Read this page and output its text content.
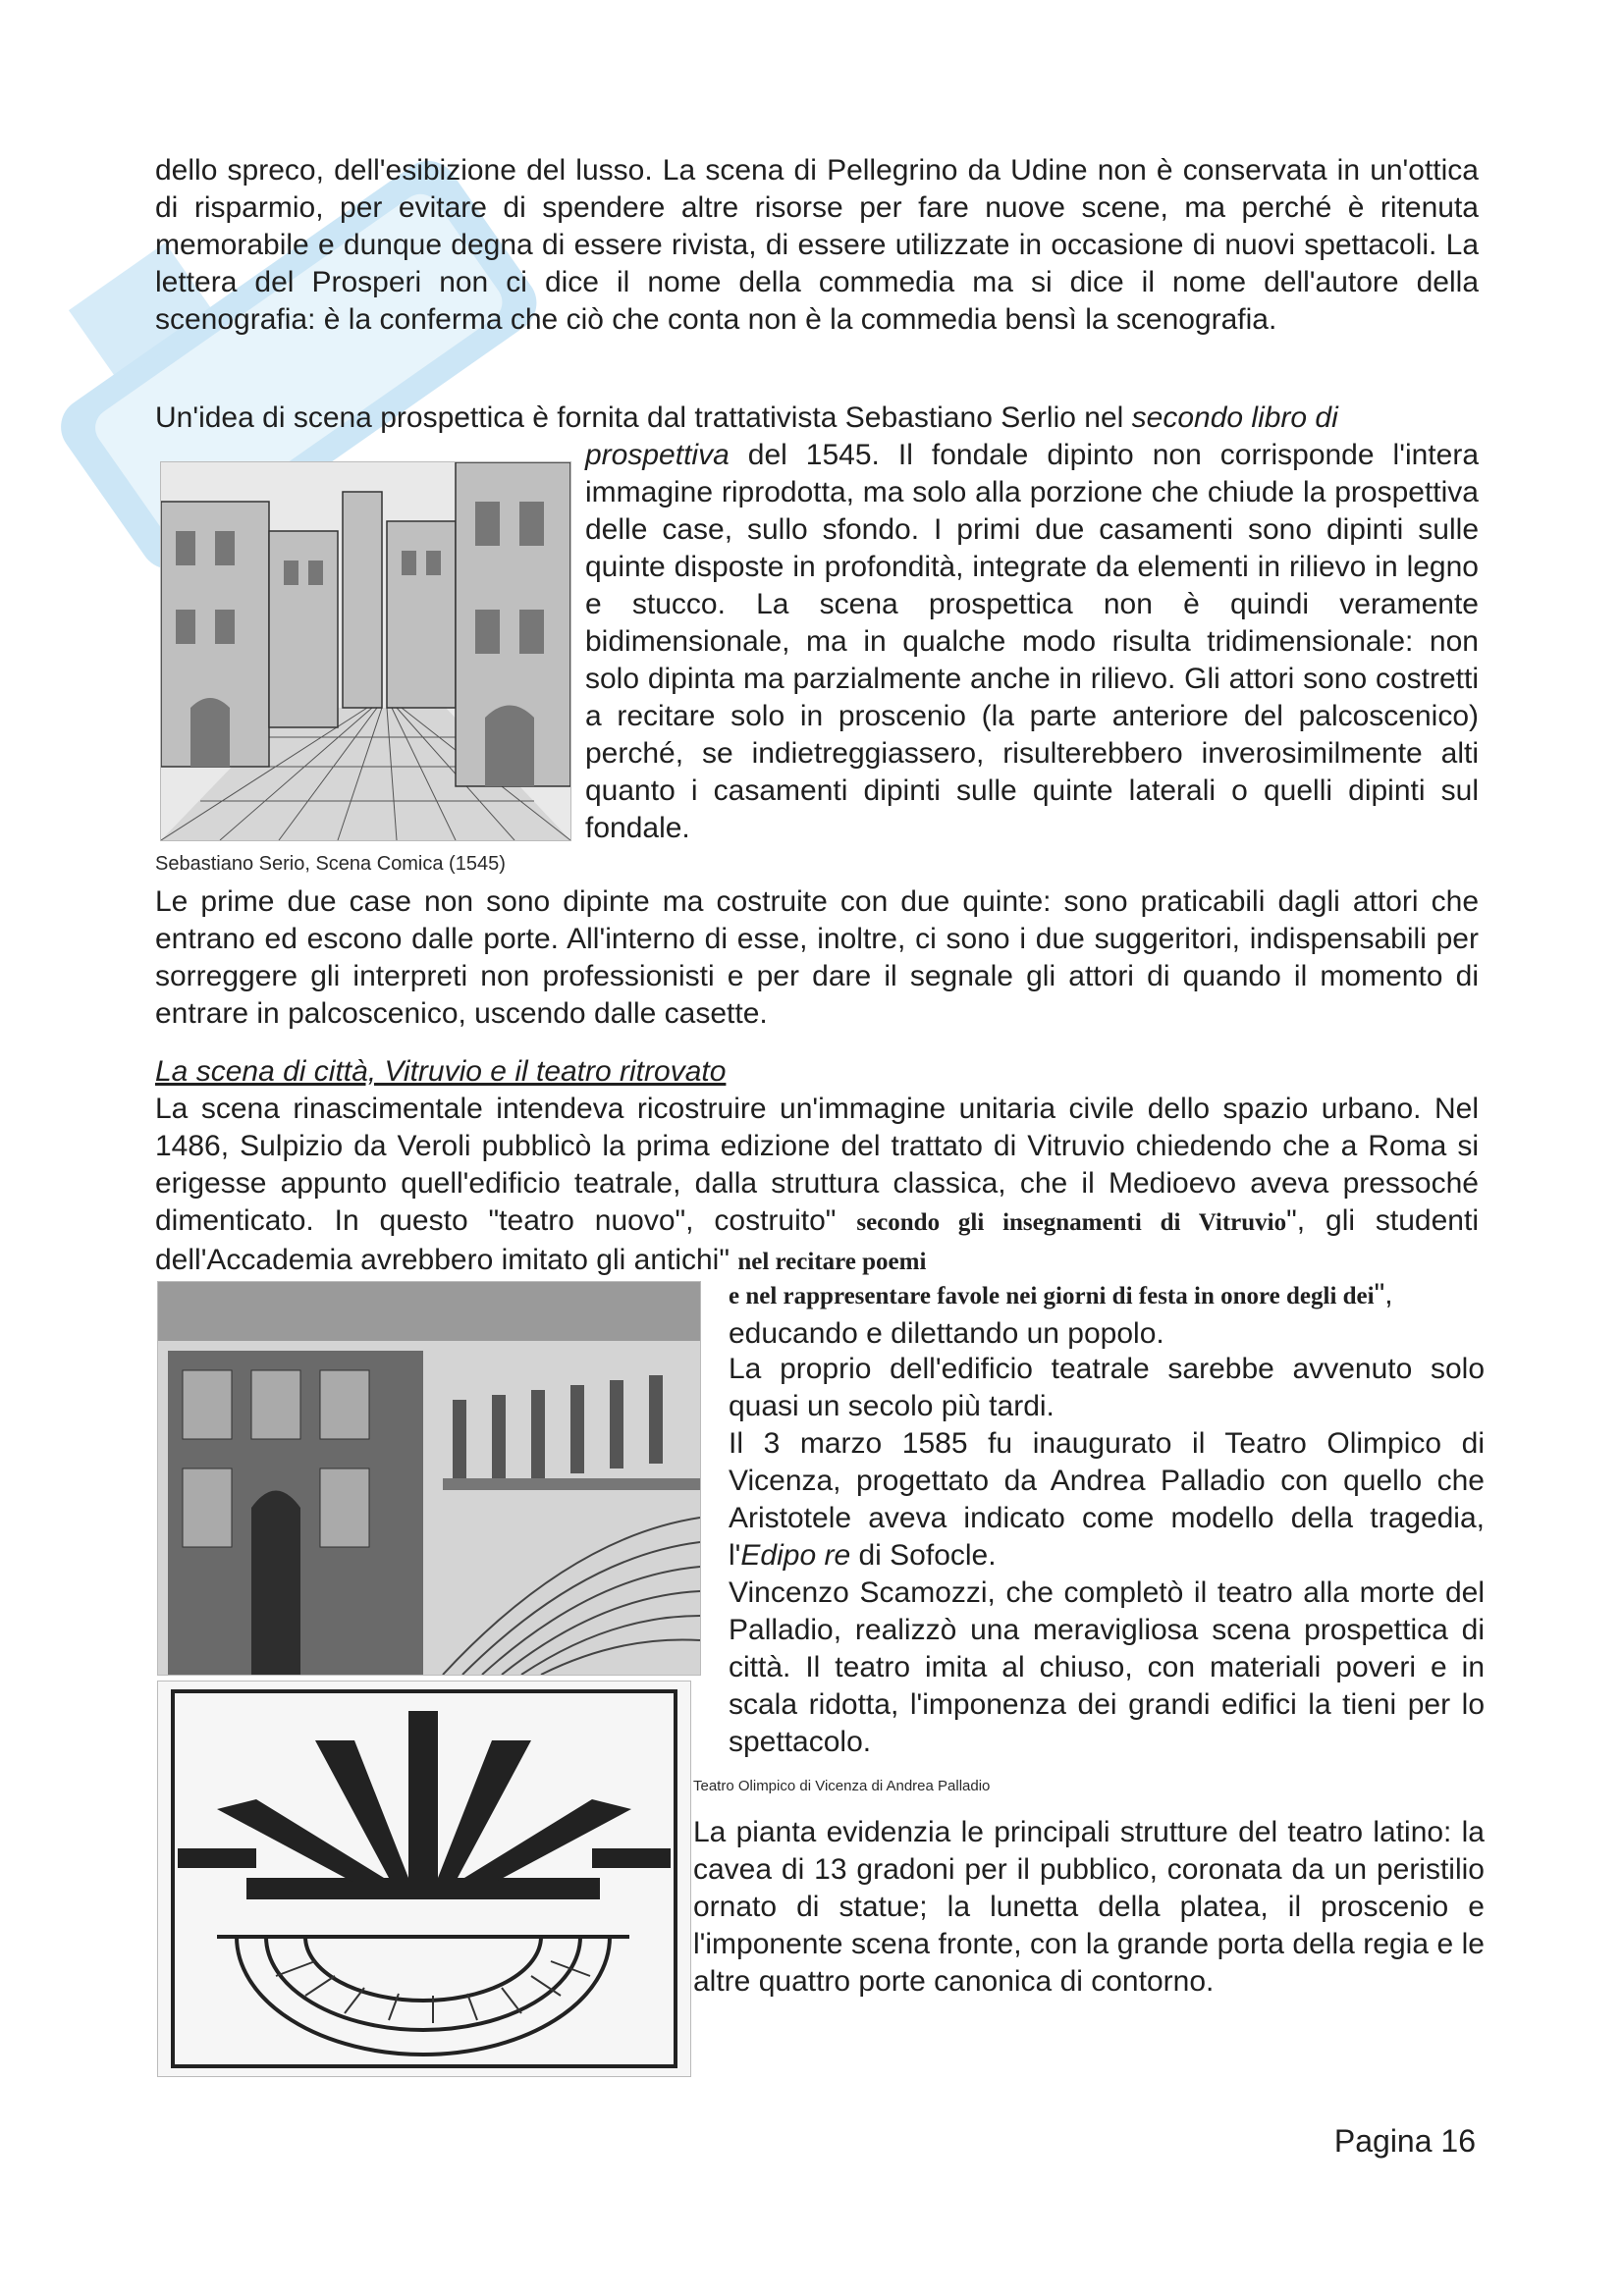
dello spreco, dell'esibizione del lusso. La scena di Pellegrino da Udine non è conservata in un'ottica di risparmio, per evitare di spendere altre risorse per fare nuove scene, ma perché è ritenuta memorabile e dunque degna di essere rivista, di essere utilizzate in occasione di nuovi spettacoli. La lettera del Prosperi non ci dice il nome della commedia ma si dice il nome dell'autore della scenografia: è la conferma che ciò che conta non è la commedia bensì la scenografia.

Un'idea di scena prospettica è fornita dal trattativista Sebastiano Serlio nel secondo libro di

Sebastiano Serio, Scena Comica (1545)

prospettiva del 1545. Il fondale dipinto non corrisponde l'intera immagine riprodotta, ma solo alla porzione che chiude la prospettiva delle case, sullo sfondo. I primi due casamenti sono dipinti sulle quinte disposte in profondità, integrate da elementi in rilievo in legno e stucco. La scena prospettica non è quindi veramente bidimensionale, ma in qualche modo risulta tridimensionale: non solo dipinta ma parzialmente anche in rilievo. Gli attori sono costretti a recitare solo in proscenio (la parte anteriore del palcoscenico) perché, se indietreggiassero, risulterebbero inverosimilmente alti quanto i casamenti dipinti sulle quinte laterali o quelli dipinti sul fondale.

Le prime due case non sono dipinte ma costruite con due quinte: sono praticabili dagli attori che entrano ed escono dalle porte. All'interno di esse, inoltre, ci sono i due suggeritori, indispensabili per sorreggere gli interpreti non professionisti e per dare il segnale gli attori di quando il momento di entrare in palcoscenico, uscendo dalle casette.

La scena di città, Vitruvio e il teatro ritrovato

La scena rinascimentale intendeva ricostruire un'immagine unitaria civile dello spazio urbano. Nel 1486, Sulpizio da Veroli pubblicò la prima edizione del trattato di Vitruvio chiedendo che a Roma si erigesse appunto quell'edificio teatrale, dalla struttura classica, che il Medioevo aveva pressoché dimenticato. In questo "teatro nuovo", costruito" secondo gli insegnamenti di Vitruvio", gli studenti dell'Accademia avrebbero imitato gli antichi" nel recitare poemi

e nel rappresentare favole nei giorni di festa in onore degli dei", educando e dilettando un popolo.

La proprio dell'edificio teatrale sarebbe avvenuto solo quasi un secolo più tardi.

Il 3 marzo 1585 fu inaugurato il Teatro Olimpico di Vicenza, progettato da Andrea Palladio con quello che Aristotele aveva indicato come modello della tragedia, l'Edipo re di Sofocle.

Vincenzo Scamozzi, che completò il teatro alla morte del Palladio, realizzò una meravigliosa scena prospettica di città. Il teatro imita al chiuso, con materiali poveri e in scala ridotta, l'imponenza dei grandi edifici la tieni per lo spettacolo.

Teatro Olimpico di Vicenza di Andrea Palladio

La pianta evidenzia le principali strutture del teatro latino: la cavea di 13 gradoni per il pubblico, coronata da un peristilio ornato di statue; la lunetta della platea, il proscenio e l'imponente scena fronte, con la grande porta della regia e le altre quattro porte canonica di contorno.

Pagina 16
